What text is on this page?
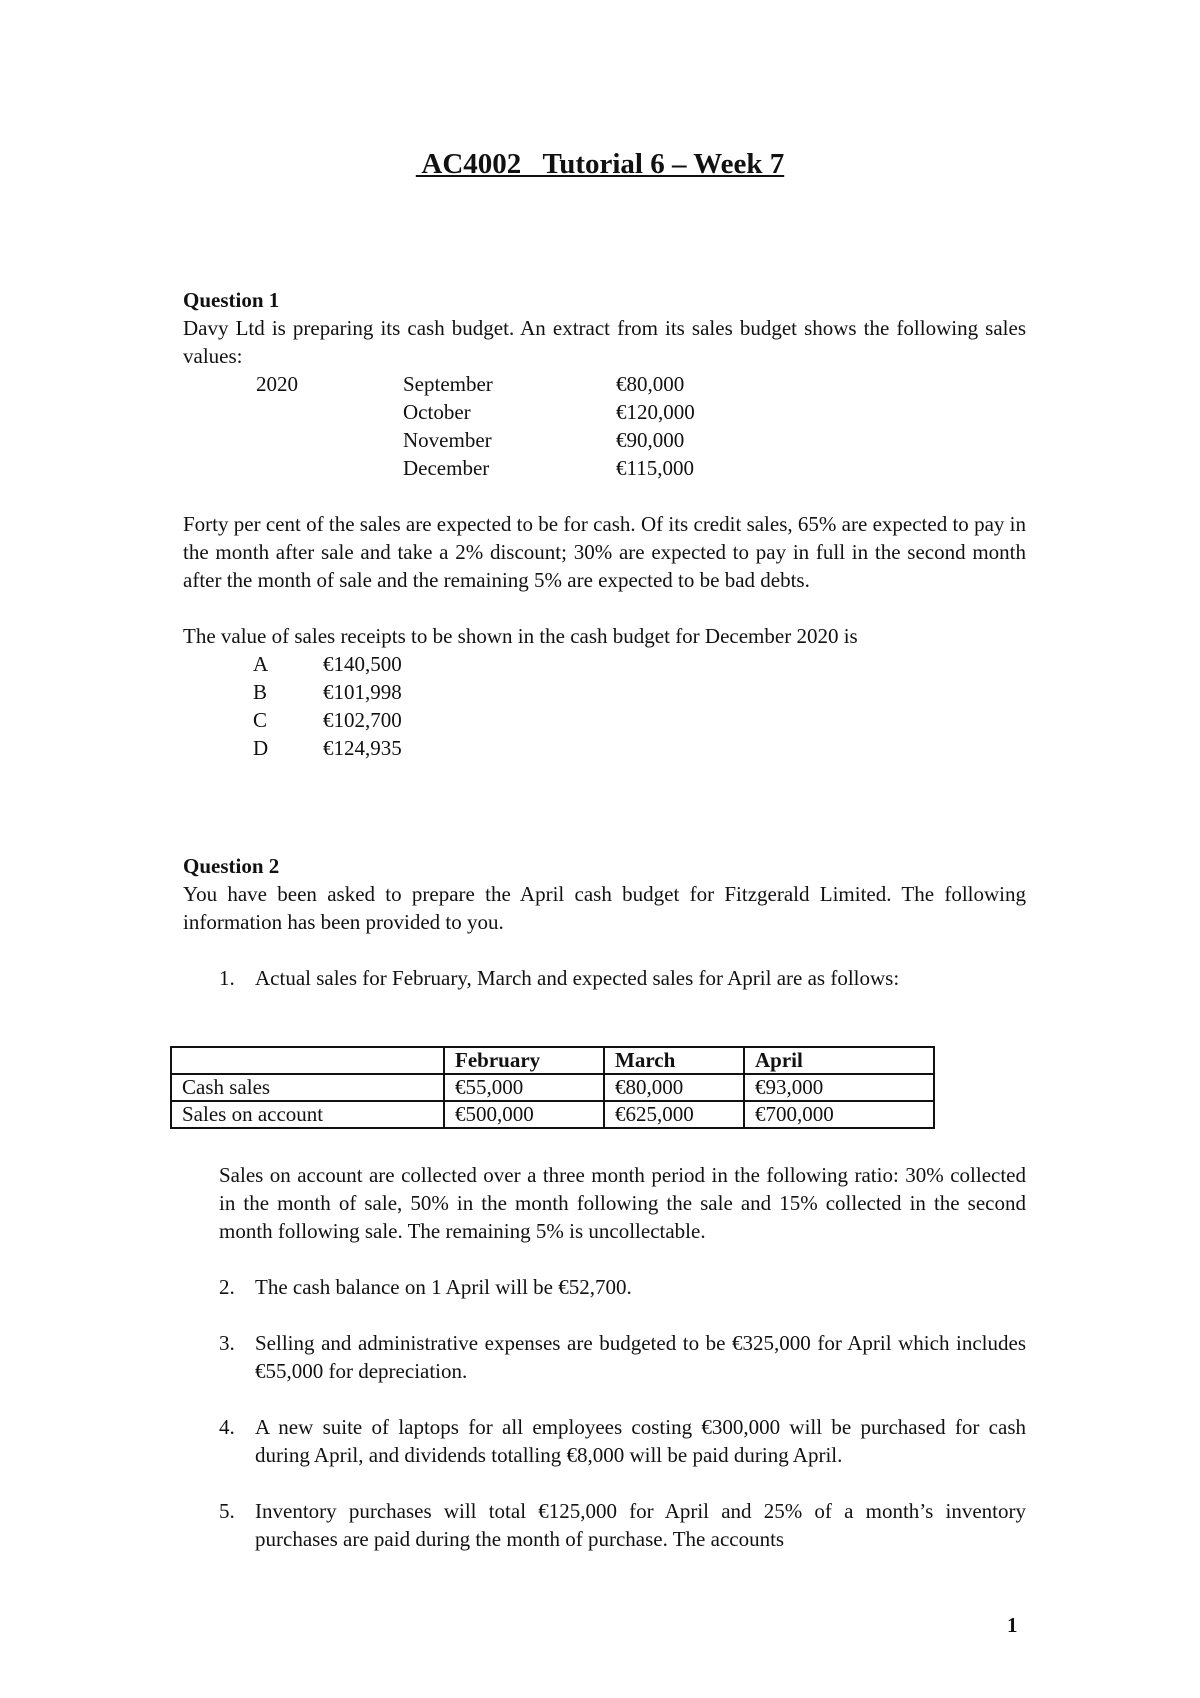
AC4002   Tutorial 6 – Week 7

Question 1

Davy Ltd is preparing its cash budget. An extract from its sales budget shows the following sales values:

2020	September	€80,000
	October	€120,000
	November	€90,000
	December	€115,000

Forty per cent of the sales are expected to be for cash. Of its credit sales, 65% are expected to pay in the month after sale and take a 2% discount; 30% are expected to pay in full in the second month after the month of sale and the remaining 5% are expected to be bad debts.

The value of sales receipts to be shown in the cash budget for December 2020 is

A	€140,500
B	€101,998
C	€102,700
D	€124,935

Question 2

You have been asked to prepare the April cash budget for Fitzgerald Limited. The following information has been provided to you.

1. Actual sales for February, March and expected sales for April are as follows:
	February	March	April
Cash sales	€55,000	€80,000	€93,000
Sales on account	€500,000	€625,000	€700,000

Sales on account are collected over a three month period in the following ratio: 30% collected in the month of sale, 50% in the month following the sale and 15% collected in the second month following sale. The remaining 5% is uncollectable.

2. The cash balance on 1 April will be €52,700.
3. Selling and administrative expenses are budgeted to be €325,000 for April which includes €55,000 for depreciation.
4. A new suite of laptops for all employees costing €300,000 will be purchased for cash during April, and dividends totalling €8,000 will be paid during April.
5. Inventory purchases will total €125,000 for April and 25% of a month’s inventory purchases are paid during the month of purchase. The accounts
1
